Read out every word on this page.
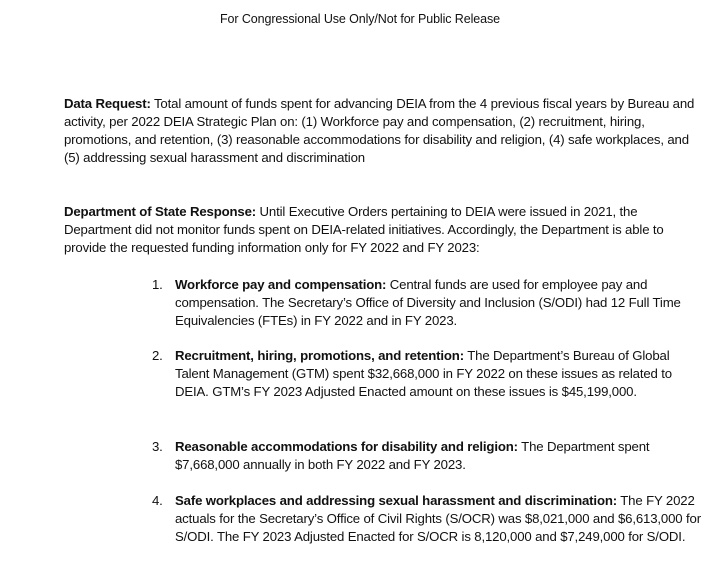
For Congressional Use Only/Not for Public Release
Data Request: Total amount of funds spent for advancing DEIA from the 4 previous fiscal years by Bureau and activity, per 2022 DEIA Strategic Plan on: (1) Workforce pay and compensation, (2) recruitment, hiring, promotions, and retention, (3) reasonable accommodations for disability and religion, (4) safe workplaces, and (5) addressing sexual harassment and discrimination
Department of State Response: Until Executive Orders pertaining to DEIA were issued in 2021, the Department did not monitor funds spent on DEIA-related initiatives. Accordingly, the Department is able to provide the requested funding information only for FY 2022 and FY 2023:
1. Workforce pay and compensation: Central funds are used for employee pay and compensation. The Secretary’s Office of Diversity and Inclusion (S/ODI) had 12 Full Time Equivalencies (FTEs) in FY 2022 and in FY 2023.
2. Recruitment, hiring, promotions, and retention: The Department’s Bureau of Global Talent Management (GTM) spent $32,668,000 in FY 2022 on these issues as related to DEIA. GTM’s FY 2023 Adjusted Enacted amount on these issues is $45,199,000.
3. Reasonable accommodations for disability and religion: The Department spent $7,668,000 annually in both FY 2022 and FY 2023.
4. Safe workplaces and addressing sexual harassment and discrimination: The FY 2022 actuals for the Secretary’s Office of Civil Rights (S/OCR) was $8,021,000 and $6,613,000 for S/ODI. The FY 2023 Adjusted Enacted for S/OCR is 8,120,000 and $7,249,000 for S/ODI.
